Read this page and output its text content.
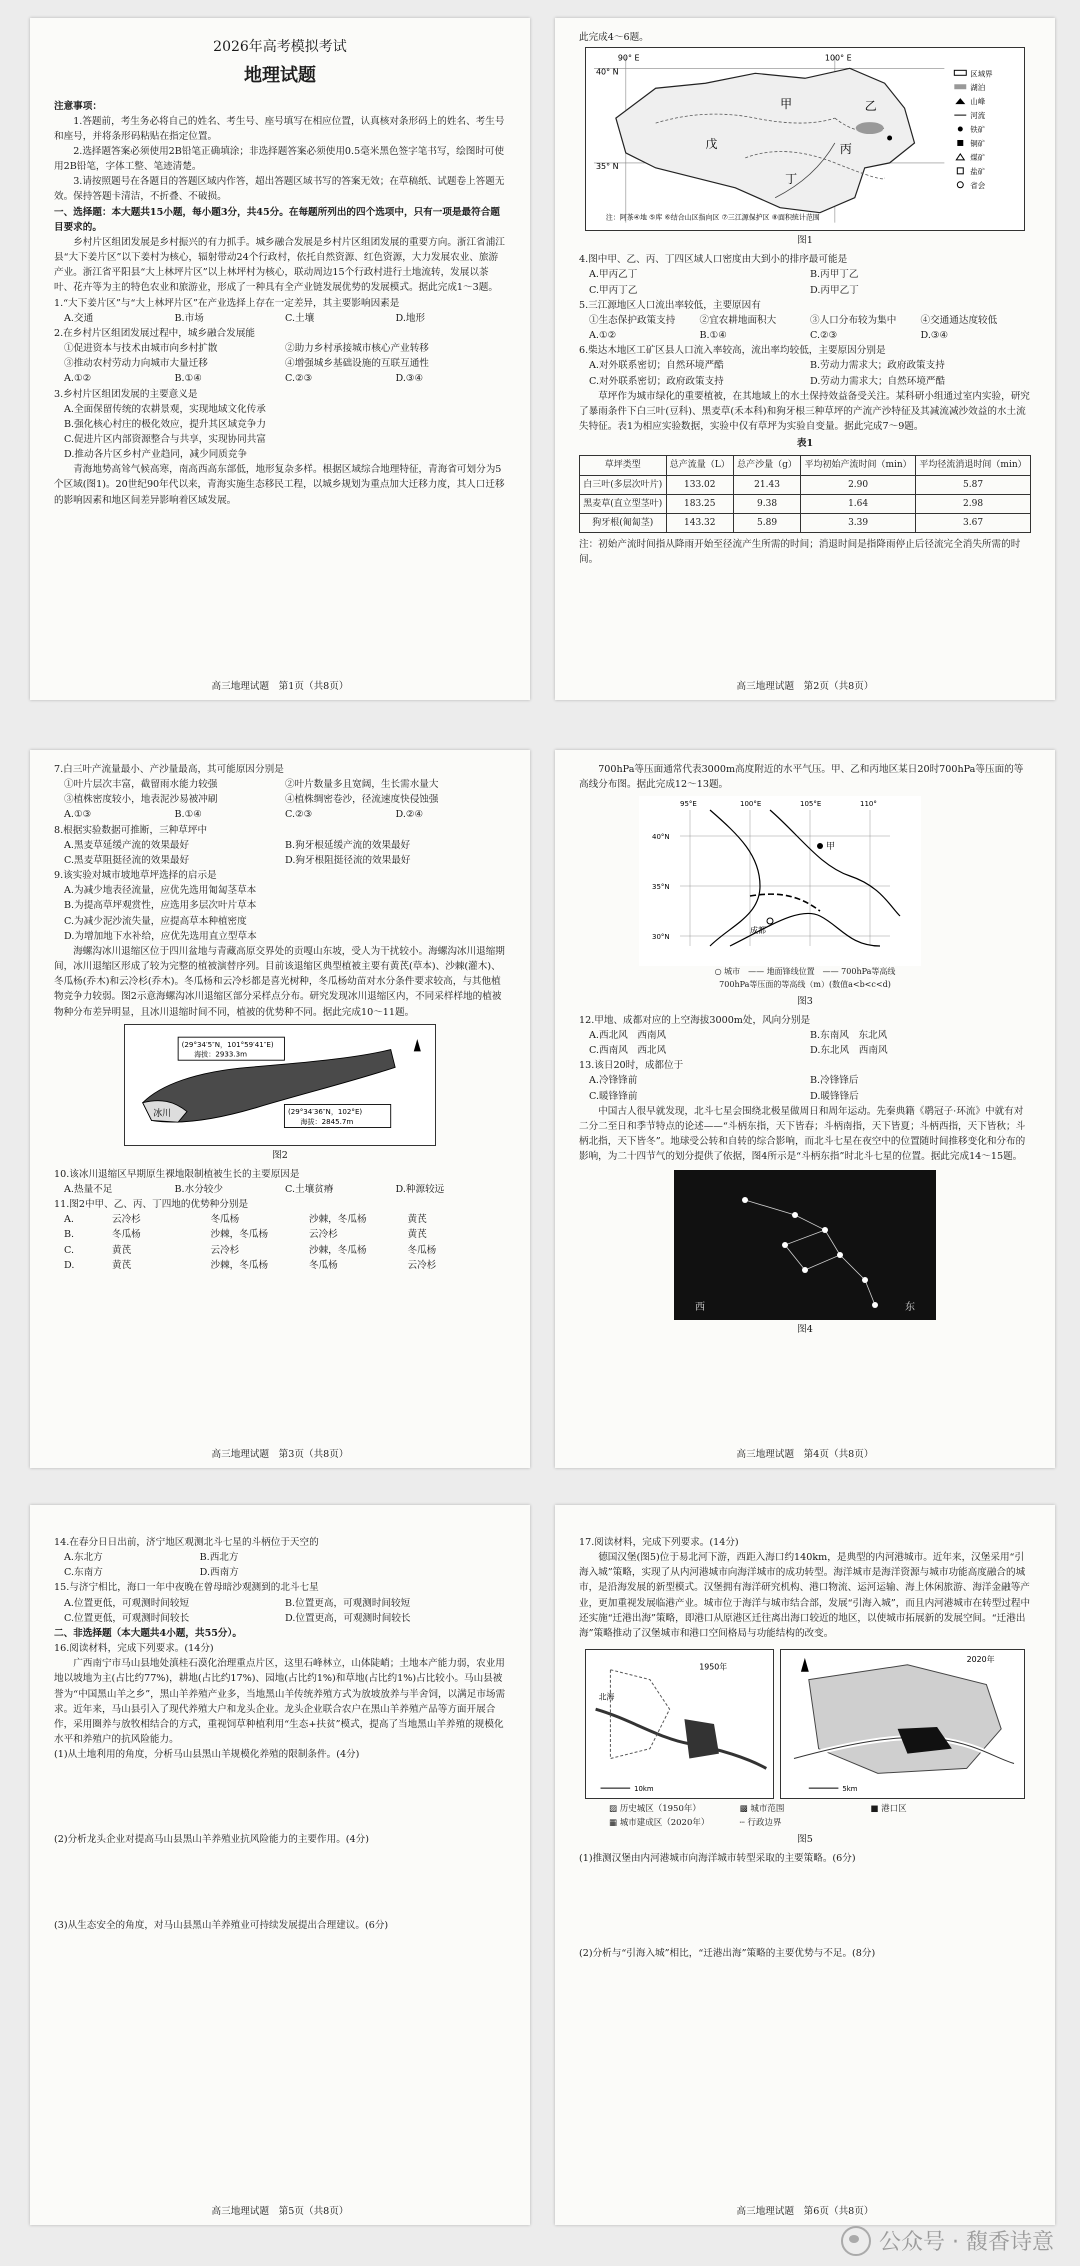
2026年高考模拟考试
地理试题

注意事项：

1.答题前，考生务必将自己的姓名、考生号、座号填写在相应位置，认真核对条形码上的姓名、考生号和座号，并将条形码粘贴在指定位置。

2.选择题答案必须使用2B铅笔正确填涂；非选择题答案必须使用0.5毫米黑色签字笔书写，绘图时可使用2B铅笔，字体工整、笔迹清楚。

3.请按照题号在各题目的答题区域内作答，超出答题区域书写的答案无效；在草稿纸、试题卷上答题无效。保持答题卡清洁，不折叠、不破损。

一、选择题：本大题共15小题，每小题3分，共45分。在每题所列出的四个选项中，只有一项是最符合题目要求的。

乡村片区组团发展是乡村振兴的有力抓手。城乡融合发展是乡村片区组团发展的重要方向。浙江省浦江县“大下姜片区”以下姜村为核心，辐射带动24个行政村，依托自然资源、红色资源，大力发展农业、旅游产业。浙江省平阳县“大上林坪片区”以上林坪村为核心，联动周边15个行政村进行土地流转，发展以茶叶、花卉等为主的特色农业和旅游业，形成了一种具有全产业链发展优势的发展模式。据此完成1～3题。

1.“大下姜片区”与“大上林坪片区”在产业选择上存在一定差异，其主要影响因素是

A.交通	B.市场	C.土壤	D.地形

2.在乡村片区组团发展过程中，城乡融合发展能

①促进资本与技术由城市向乡村扩散	②助力乡村承接城市核心产业转移
③推动农村劳动力向城市大量迁移	④增强城乡基础设施的互联互通性
A.①②	B.①④	C.②③	D.③④

3.乡村片区组团发展的主要意义是

A.全面保留传统的农耕景观，实现地域文化传承
B.强化核心村庄的极化效应，提升其区域竞争力
C.促进片区内部资源整合与共享，实现协同共富
D.推动各片区乡村产业趋同，减少同质竞争

青海地势高耸气候高寒，南高西高东部低，地形复杂多样。根据区域综合地理特征，青海省可划分为5个区域(图1)。20世纪90年代以来，青海实施生态移民工程，以城乡规划为重点加大迁移力度，其人口迁移的影响因素和地区间差异影响着区域发展。

高三地理试题　第1页（共8页）

此完成4～6题。

甲	乙
丙
丁
戊
40° N
35° N
90° E	100° E
区域界
湖泊
山峰
河流
铁矿
铜矿
煤矿
盐矿
省会
注：阿茶④地 ⑤库 ⑥结合山区指向区 ⑦三江源保护区 ⑧面积统计范围
图1

4.图中甲、乙、丙、丁四区域人口密度由大到小的排序最可能是

A.甲丙乙丁	B.丙甲丁乙
C.甲丙丁乙	D.丙甲乙丁

5.三江源地区人口流出率较低，主要原因有

①生态保护政策支持	②宜农耕地面积大	③人口分布较为集中	④交通通达度较低
A.①②	B.①④	C.②③	D.③④

6.柴达木地区工矿区县人口流入率较高，流出率均较低，主要原因分别是

A.对外联系密切；自然环境严酷	B.劳动力需求大；政府政策支持
C.对外联系密切；政府政策支持	D.劳动力需求大；自然环境严酷

草坪作为城市绿化的重要植被，在其地域上的水土保持效益备受关注。某科研小组通过室内实验，研究了暴雨条件下白三叶(豆科)、黑麦草(禾本科)和狗牙根三种草坪的产流产沙特征及其减流减沙效益的水土流失特征。表1为相应实验数据，实验中仅有草坪为实验自变量。据此完成7～9题。

表1
草坪类型	总产流量（L）	总产沙量（g）	平均初始产流时间（min）	平均径流消退时间（min）
白三叶(多层次叶片)	133.02	21.43	2.90	5.87
黑麦草(直立型茎叶)	183.25	9.38	1.64	2.98
狗牙根(匍匐茎)	143.32	5.89	3.39	3.67

注：初始产流时间指从降雨开始至径流产生所需的时间；消退时间是指降雨停止后径流完全消失所需的时间。

高三地理试题　第2页（共8页）

7.白三叶产流量最小、产沙量最高，其可能原因分别是

①叶片层次丰富，截留雨水能力较强	②叶片数量多且宽阔，生长需水量大
③植株密度较小，地表泥沙易被冲刷	④植株绸密卷沙，径流速度快侵蚀强
A.①③	B.①④	C.②③	D.②④

8.根据实验数据可推断，三种草坪中

A.黑麦草延缓产流的效果最好	B.狗牙根延缓产流的效果最好
C.黑麦草阻挺径流的效果最好	D.狗牙根阻挺径流的效果最好

9.该实验对城市坡地草坪选择的启示是

A.为减少地表径流量，应优先选用匍匐茎草本
B.为提高草坪观赏性，应选用多层次叶片草本
C.为减少泥沙流失量，应提高草本种植密度
D.为增加地下水补给，应优先选用直立型草本

海螺沟冰川退缩区位于四川盆地与青藏高原交界处的贡嘎山东坡，受人为干扰较小。海螺沟冰川退缩期间，冰川退缩区形成了较为完整的植被演替序列。目前该退缩区典型植被主要有黄芪(草本)、沙棘(灌木)、冬瓜杨(乔木)和云冷杉(乔木)。冬瓜杨和云冷杉都是喜光树种，冬瓜杨幼苗对水分条件要求较高，与其他植物竞争力较弱。图2示意海螺沟冰川退缩区部分采样点分布。研究发现冰川退缩区内，不同采样样地的植被物种分布差异明显，且冰川退缩时间不同，植被的优势种不同。据此完成10～11题。

冰川
(29°34′5″N，101°59′41″E)
海拔：2933.3m
(29°34′36″N，102°E)
海拔：2845.7m
图2

10.该冰川退缩区早期原生裸地限制植被生长的主要原因是

A.热量不足	B.水分较少	C.土壤贫瘠	D.种源较远

11.图2中甲、乙、丙、丁四地的优势种分别是

A.	云冷杉	冬瓜杨	沙棘，冬瓜杨	黄芪
B.	冬瓜杨	沙棘，冬瓜杨	云冷杉	黄芪
C.	黄芪	云冷杉	沙棘，冬瓜杨	冬瓜杨
D.	黄芪	沙棘，冬瓜杨	冬瓜杨	云冷杉
高三地理试题　第3页（共8页）

700hPa等压面通常代表3000m高度附近的水平气压。甲、乙和丙地区某日20时700hPa等压面的等高线分布图。据此完成12～13题。

甲
成都
95°E	100°E	105°E	110°
40°N
35°N
30°N
○ 城市　—— 地面锋线位置　—— 700hPa等高线
700hPa等压面的等高线（m）(数值a<b<c<d)
图3

12.甲地、成都对应的上空海拔3000m处，风向分别是

A.西北风　西南风	B.东南风　东北风
C.西南风　西北风	D.东北风　西南风

13.该日20时，成都位于

A.冷锋锋前	B.冷锋锋后
C.暖锋锋前	D.暖锋锋后

中国古人很早就发现，北斗七星会围绕北极星做周日和周年运动。先秦典籍《鹖冠子·环流》中就有对二分二至日和季节特点的论述——“斗柄东指，天下皆春；斗柄南指，天下皆夏；斗柄西指，天下皆秋；斗柄北指，天下皆冬”。地球受公转和自转的综合影响，而北斗七星在夜空中的位置随时间推移变化和分布的影响，为二十四节气的划分提供了依据，图4所示是“斗柄东指”时北斗七星的位置。据此完成14～15题。

西	东
图4
高三地理试题　第4页（共8页）

14.在春分日日出前，济宁地区观测北斗七星的斗柄位于天空的

A.东北方	B.西北方
C.东南方	D.西南方

15.与济宁相比，海口一年中夜晚在曾母暗沙观测到的北斗七星

A.位置更低，可观测时间较短	B.位置更高，可观测时间较短
C.位置更低，可观测时间较长	D.位置更高，可观测时间较长

二、非选择题（本大题共4小题，共55分）。

16.阅读材料，完成下列要求。(14分)

广西南宁市马山县地处滇桂石漠化治理重点片区，这里石峰林立，山体陡峭；土地本产能力弱，农业用地以坡地为主(占比约77%)，耕地(占比约17%)、园地(占比约1%)和草地(占比约1%)占比较小。马山县被誉为“中国黑山羊之乡”，黑山羊养殖产业多，当地黑山羊传统养殖方式为放坡放养与半舍饲，以满足市场需求。近年来，马山县引入了现代养殖大户和龙头企业。龙头企业联合农户在黑山羊养殖产品等方面开展合作，采用圈养与放牧相结合的方式，重视饲草种植利用“生态+扶贫”模式，提高了当地黑山羊养殖的规模化水平和养殖户的抗风险能力。

(1)从土地利用的角度，分析马山县黑山羊规模化养殖的限制条件。(4分)

(2)分析龙头企业对提高马山县黑山羊养殖业抗风险能力的主要作用。(4分)

(3)从生态安全的角度，对马山县黑山羊养殖业可持续发展提出合理建议。(6分)

高三地理试题　第5页（共8页）

17.阅读材料，完成下列要求。(14分)

德国汉堡(图5)位于易北河下游，西距入海口约140km，是典型的内河港城市。近年来，汉堡采用“引海入城”策略，实现了从内河港城市向海洋城市的成功转型。海洋城市是海洋资源与城市功能高度融合的城市，是沿海发展的新型模式。汉堡拥有海洋研究机构、港口物流、运河运输、海上休闲旅游、海洋金融等产业，更加重视发展临港产业。城市位于海洋与城市结合部，发展“引海入城”，而且内河港城市在转型过程中还实施“迁港出海”策略，即港口从原港区迁往离出海口较近的地区，以使城市拓展新的发展空间。“迁港出海”策略推动了汉堡城市和港口空间格局与功能结构的改变。

北海
1950年
10km
2020年
5km
▨ 历史城区（1950年）	▩ 城市范围	■ 港口区
▦ 城市建成区（2020年）	┄ 行政边界
图5

(1)推测汉堡由内河港城市向海洋城市转型采取的主要策略。(6分)

(2)分析与“引海入城”相比，“迁港出海”策略的主要优势与不足。(8分)

高三地理试题　第6页（共8页）
公众号 · 馥香诗意
